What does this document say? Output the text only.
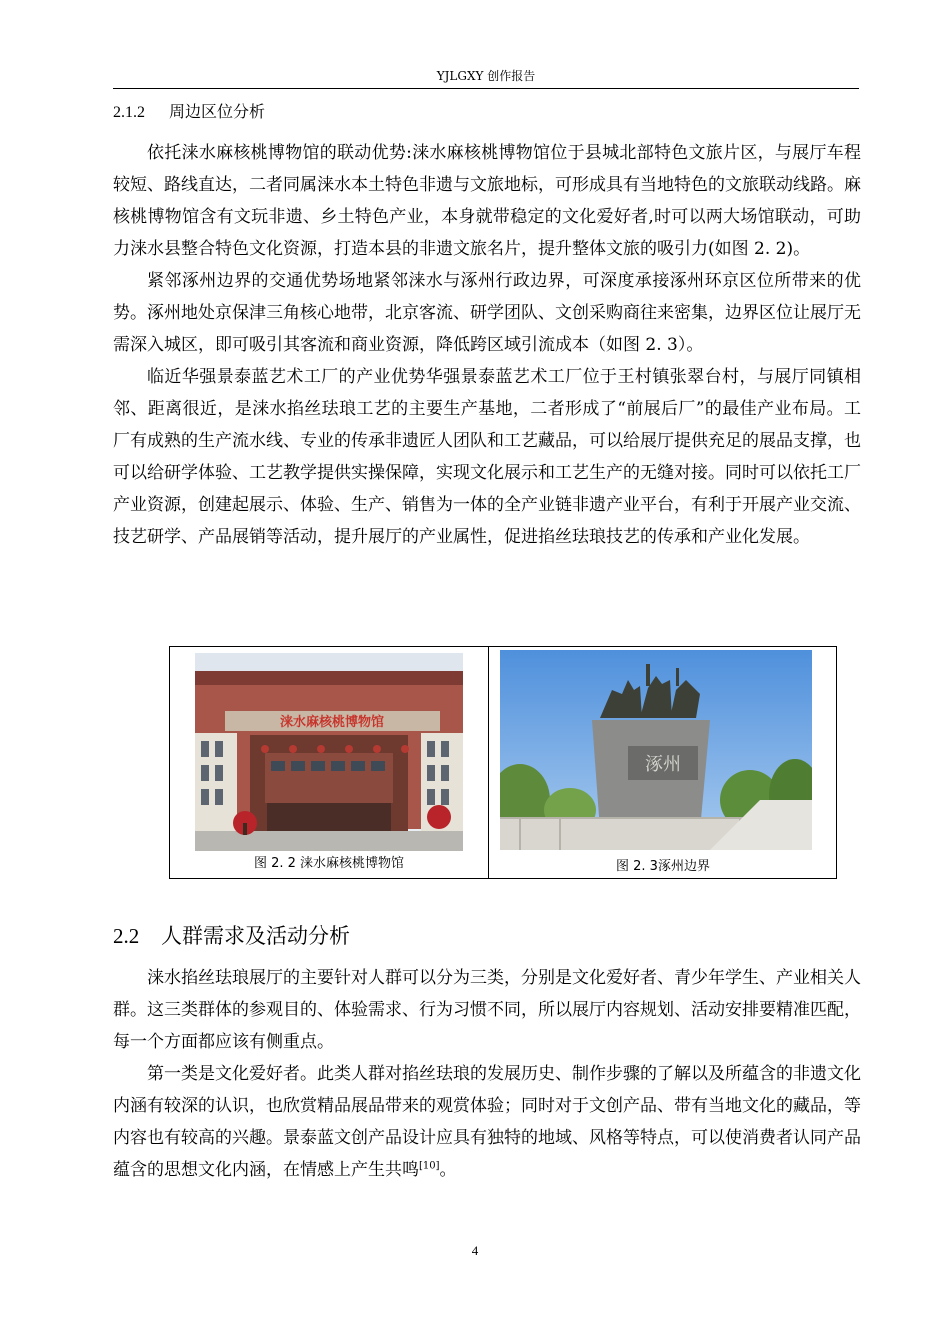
YJLGXY 创作报告
2.1.2 周边区位分析

依托涞水麻核桃博物馆的联动优势:涞水麻核桃博物馆位于县城北部特色文旅片区，与展厅车程较短、路线直达，二者同属涞水本土特色非遗与文旅地标，可形成具有当地特色的文旅联动线路。麻核桃博物馆含有文玩非遗、乡土特色产业，本身就带稳定的文化爱好者,时可以两大场馆联动，可助力涞水县整合特色文化资源，打造本县的非遗文旅名片，提升整体文旅的吸引力(如图 2. 2)。

紧邻涿州边界的交通优势场地紧邻涞水与涿州行政边界，可深度承接涿州环京区位所带来的优势。涿州地处京保津三角核心地带，北京客流、研学团队、文创采购商往来密集，边界区位让展厅无需深入城区，即可吸引其客流和商业资源，降低跨区域引流成本（如图 2. 3）。

临近华强景泰蓝艺术工厂的产业优势华强景泰蓝艺术工厂位于王村镇张翠台村，与展厅同镇相邻、距离很近，是涞水掐丝珐琅工艺的主要生产基地，二者形成了“前展后厂”的最佳产业布局。工厂有成熟的生产流水线、专业的传承非遗匠人团队和工艺藏品，可以给展厅提供充足的展品支撑，也可以给研学体验、工艺教学提供实操保障，实现文化展示和工艺生产的无缝对接。同时可以依托工厂产业资源，创建起展示、体验、生产、销售为一体的全产业链非遗产业平台，有利于开展产业交流、技艺研学、产品展销等活动，提升展厅的产业属性，促进掐丝珐琅技艺的传承和产业化发展。

涞水麻核桃博物馆
涿州
图 2. 2 涞水麻核桃博物馆	图 2. 3涿州边界
2.2 人群需求及活动分析

涞水掐丝珐琅展厅的主要针对人群可以分为三类，分别是文化爱好者、青少年学生、产业相关人群。这三类群体的参观目的、体验需求、行为习惯不同，所以展厅内容规划、活动安排要精准匹配，每一个方面都应该有侧重点。

第一类是文化爱好者。此类人群对掐丝珐琅的发展历史、制作步骤的了解以及所蕴含的非遗文化内涵有较深的认识，也欣赏精品展品带来的观赏体验；同时对于文创产品、带有当地文化的藏品，等内容也有较高的兴趣。景泰蓝文创产品设计应具有独特的地域、风格等特点，可以使消费者认同产品蕴含的思想文化内涵，在情感上产生共鸣[10]。

4
